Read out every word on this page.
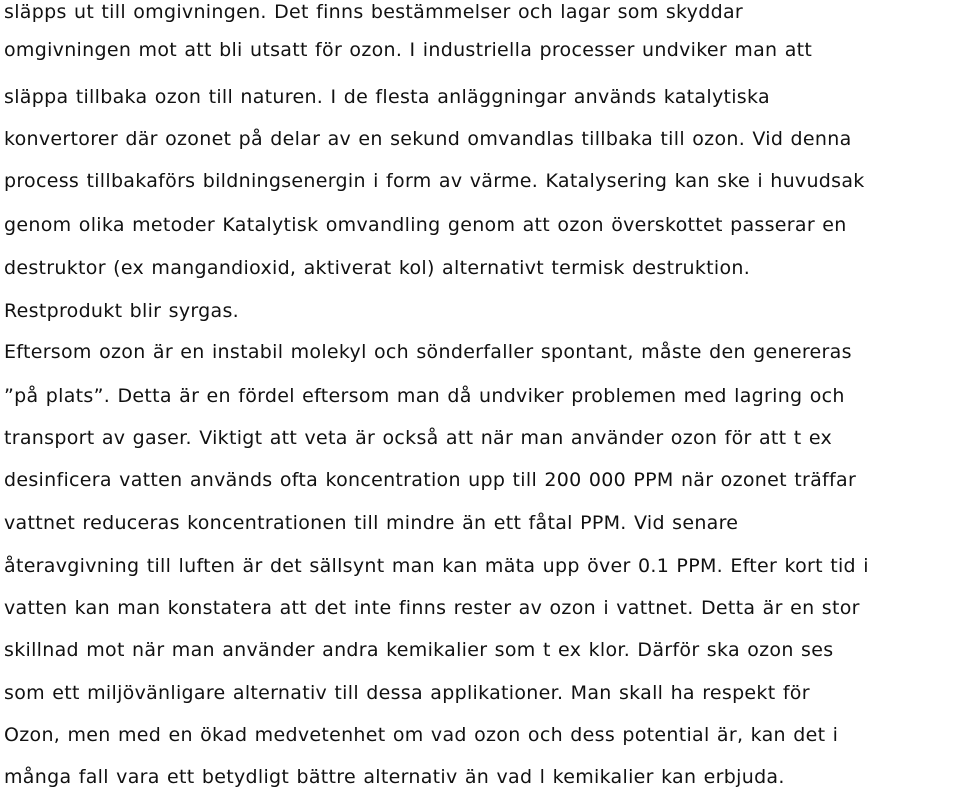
släpps ut till omgivningen. Det finns bestämmelser och lagar som skyddar
omgivningen mot att bli utsatt för ozon. I industriella processer undviker man att
släppa tillbaka ozon till naturen. I de flesta anläggningar används katalytiska
konvertorer där ozonet på delar av en sekund omvandlas tillbaka till ozon. Vid denna
process tillbakaförs bildningsenergin i form av värme. Katalysering kan ske i huvudsak
genom olika metoder Katalytisk omvandling genom att ozon överskottet passerar en
destruktor (ex mangandioxid, aktiverat kol) alternativt termisk destruktion.
Restprodukt blir syrgas.
Eftersom ozon är en instabil molekyl och sönderfaller spontant, måste den genereras
”på plats”. Detta är en fördel eftersom man då undviker problemen med lagring och
transport av gaser. Viktigt att veta är också att när man använder ozon för att t ex
desinficera vatten används ofta koncentration upp till 200 000 PPM när ozonet träffar
vattnet reduceras koncentrationen till mindre än ett fåtal PPM. Vid senare
återavgivning till luften är det sällsynt man kan mäta upp över 0.1 PPM. Efter kort tid i
vatten kan man konstatera att det inte finns rester av ozon i vattnet. Detta är en stor
skillnad mot när man använder andra kemikalier som t ex klor. Därför ska ozon ses
som ett miljövänligare alternativ till dessa applikationer. Man skall ha respekt för
Ozon, men med en ökad medvetenhet om vad ozon och dess potential är, kan det i
många fall vara ett betydligt bättre alternativ än vad l kemikalier kan erbjuda.
